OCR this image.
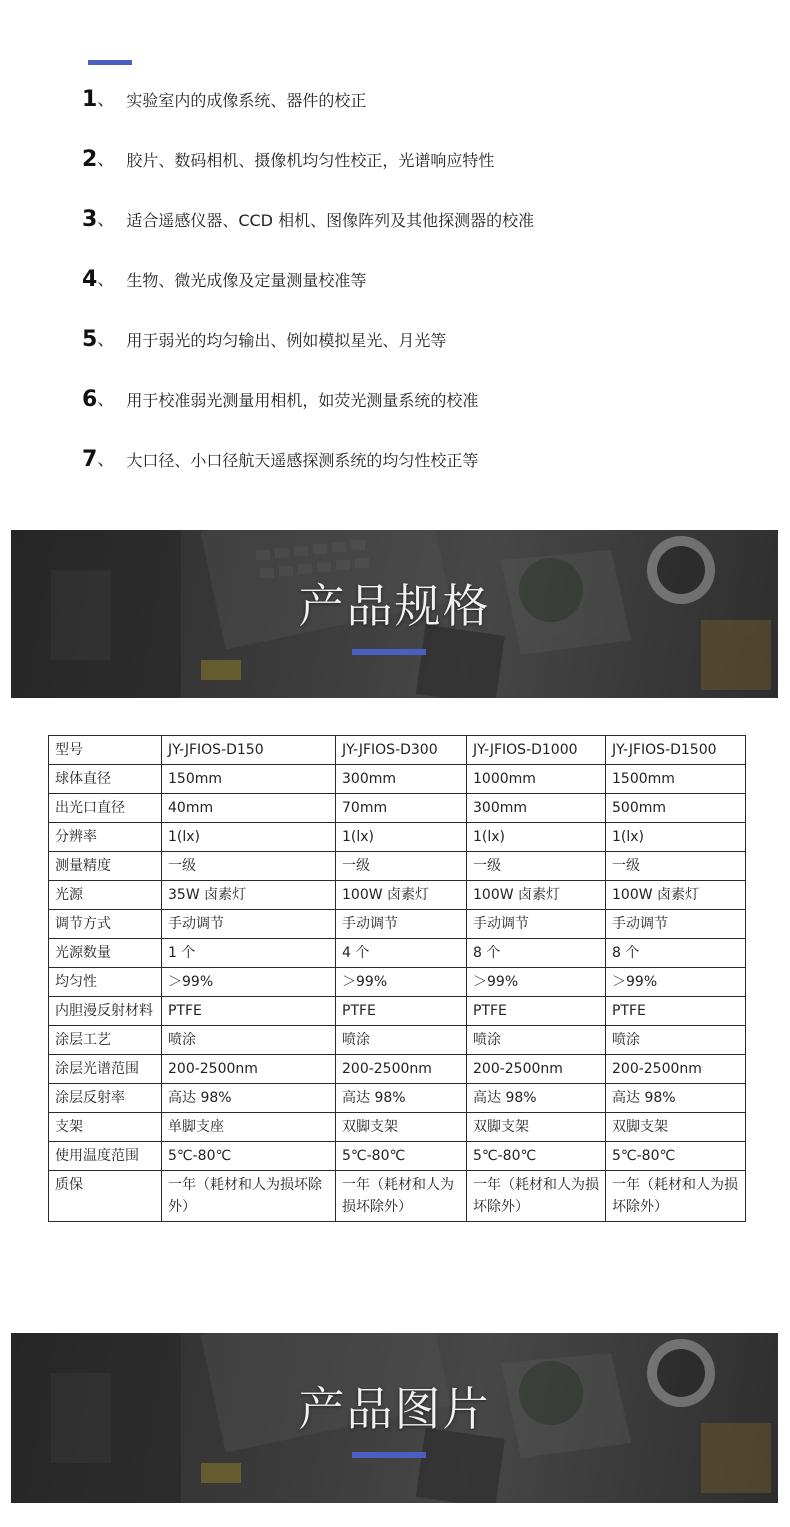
1 、 实验室内的成像系统、器件的校正
2 、 胶片、数码相机、摄像机均匀性校正，光谱响应特性
3 、 适合遥感仪器、CCD 相机、图像阵列及其他探测器的校准
4 、 生物、微光成像及定量测量校准等
5 、 用于弱光的均匀输出、例如模拟星光、月光等
6 、 用于校准弱光测量用相机，如荧光测量系统的校准
7 、 大口径、小口径航天遥感探测系统的均匀性校正等
产品规格
型号	JY-JFIOS-D150	JY-JFIOS-D300	JY-JFIOS-D1000	JY-JFIOS-D1500
球体直径	150mm	300mm	1000mm	1500mm
出光口直径	40mm	70mm	300mm	500mm
分辨率	1(lx)	1(lx)	1(lx)	1(lx)
测量精度	一级	一级	一级	一级
光源	35W 卤素灯	100W 卤素灯	100W 卤素灯	100W 卤素灯
调节方式	手动调节	手动调节	手动调节	手动调节
光源数量	1 个	4 个	8 个	8 个
均匀性	＞99%	＞99%	＞99%	＞99%
内胆漫反射材料	PTFE	PTFE	PTFE	PTFE
涂层工艺	喷涂	喷涂	喷涂	喷涂
涂层光谱范围	200-2500nm	200-2500nm	200-2500nm	200-2500nm
涂层反射率	高达 98%	高达 98%	高达 98%	高达 98%
支架	单脚支座	双脚支架	双脚支架	双脚支架
使用温度范围	5℃-80℃	5℃-80℃	5℃-80℃	5℃-80℃
质保	一年（耗材和人为损坏除外）	一年（耗材和人为损坏除外）	一年（耗材和人为损坏除外）	一年（耗材和人为损坏除外）
产品图片
